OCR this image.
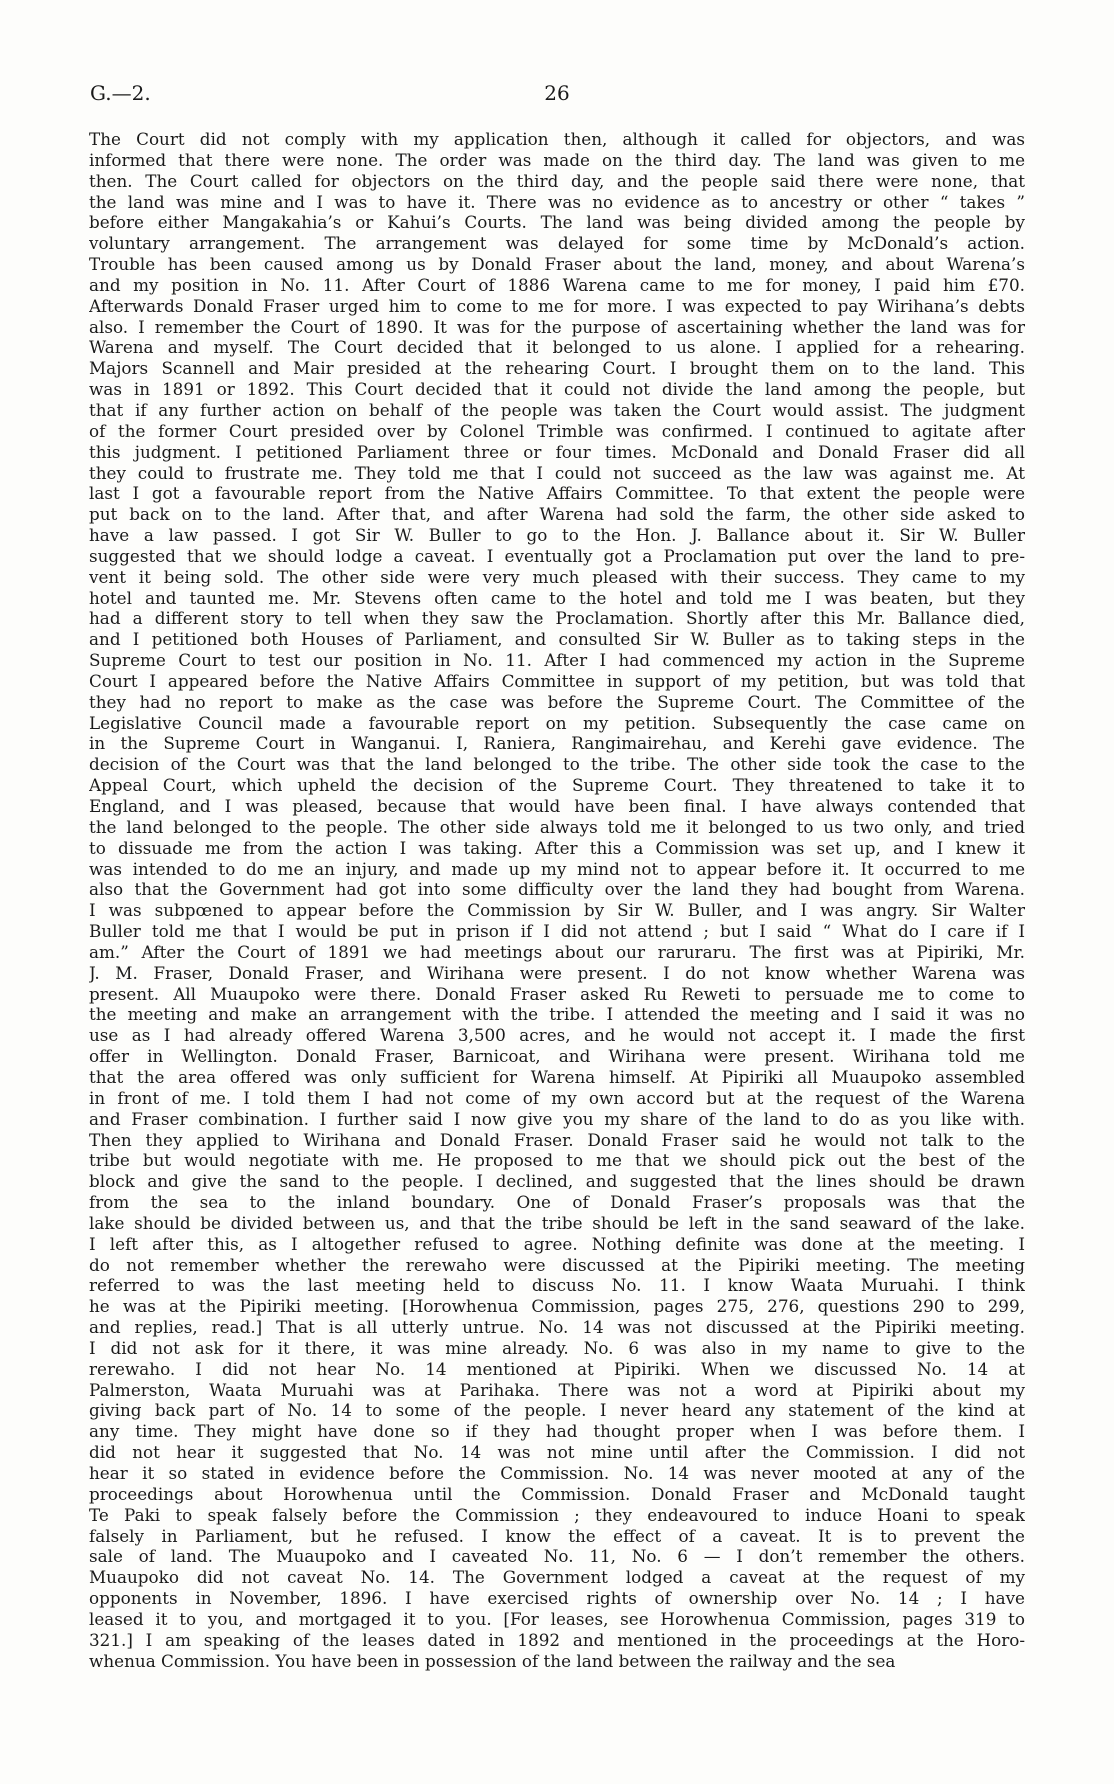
G.—2.	26
The Court did not comply with my application then, although it called for objectors, and was
informed that there were none. The order was made on the third day. The land was given to me
then. The Court called for objectors on the third day, and the people said there were none, that
the land was mine and I was to have it. There was no evidence as to ancestry or other “ takes ”
before either Mangakahia’s or Kahui’s Courts. The land was being divided among the people by
voluntary arrangement. The arrangement was delayed for some time by McDonald’s action.
Trouble has been caused among us by Donald Fraser about the land, money, and about Warena’s
and my position in No. 11. After Court of 1886 Warena came to me for money, I paid him £70.
Afterwards Donald Fraser urged him to come to me for more. I was expected to pay Wirihana’s debts
also. I remember the Court of 1890. It was for the purpose of ascertaining whether the land was for
Warena and myself. The Court decided that it belonged to us alone. I applied for a rehearing.
Majors Scannell and Mair presided at the rehearing Court. I brought them on to the land. This
was in 1891 or 1892. This Court decided that it could not divide the land among the people, but
that if any further action on behalf of the people was taken the Court would assist. The judgment
of the former Court presided over by Colonel Trimble was confirmed. I continued to agitate after
this judgment. I petitioned Parliament three or four times. McDonald and Donald Fraser did all
they could to frustrate me. They told me that I could not succeed as the law was against me. At
last I got a favourable report from the Native Affairs Committee. To that extent the people were
put back on to the land. After that, and after Warena had sold the farm, the other side asked to
have a law passed. I got Sir W. Buller to go to the Hon. J. Ballance about it. Sir W. Buller
suggested that we should lodge a caveat. I eventually got a Proclamation put over the land to pre-
vent it being sold. The other side were very much pleased with their success. They came to my
hotel and taunted me. Mr. Stevens often came to the hotel and told me I was beaten, but they
had a different story to tell when they saw the Proclamation. Shortly after this Mr. Ballance died,
and I petitioned both Houses of Parliament, and consulted Sir W. Buller as to taking steps in the
Supreme Court to test our position in No. 11. After I had commenced my action in the Supreme
Court I appeared before the Native Affairs Committee in support of my petition, but was told that
they had no report to make as the case was before the Supreme Court. The Committee of the
Legislative Council made a favourable report on my petition. Subsequently the case came on
in the Supreme Court in Wanganui. I, Raniera, Rangimairehau, and Kerehi gave evidence. The
decision of the Court was that the land belonged to the tribe. The other side took the case to the
Appeal Court, which upheld the decision of the Supreme Court. They threatened to take it to
England, and I was pleased, because that would have been final. I have always contended that
the land belonged to the people. The other side always told me it belonged to us two only, and tried
to dissuade me from the action I was taking. After this a Commission was set up, and I knew it
was intended to do me an injury, and made up my mind not to appear before it. It occurred to me
also that the Government had got into some difficulty over the land they had bought from Warena.
I was subpœned to appear before the Commission by Sir W. Buller, and I was angry. Sir Walter
Buller told me that I would be put in prison if I did not attend ; but I said “ What do I care if I
am.” After the Court of 1891 we had meetings about our raruraru. The first was at Pipiriki, Mr.
J. M. Fraser, Donald Fraser, and Wirihana were present. I do not know whether Warena was
present. All Muaupoko were there. Donald Fraser asked Ru Reweti to persuade me to come to
the meeting and make an arrangement with the tribe. I attended the meeting and I said it was no
use as I had already offered Warena 3,500 acres, and he would not accept it. I made the first
offer in Wellington. Donald Fraser, Barnicoat, and Wirihana were present. Wirihana told me
that the area offered was only sufficient for Warena himself. At Pipiriki all Muaupoko assembled
in front of me. I told them I had not come of my own accord but at the request of the Warena
and Fraser combination. I further said I now give you my share of the land to do as you like with.
Then they applied to Wirihana and Donald Fraser. Donald Fraser said he would not talk to the
tribe but would negotiate with me. He proposed to me that we should pick out the best of the
block and give the sand to the people. I declined, and suggested that the lines should be drawn
from the sea to the inland boundary. One of Donald Fraser’s proposals was that the
lake should be divided between us, and that the tribe should be left in the sand seaward of the lake.
I left after this, as I altogether refused to agree. Nothing definite was done at the meeting. I
do not remember whether the rerewaho were discussed at the Pipiriki meeting. The meeting
referred to was the last meeting held to discuss No. 11. I know Waata Muruahi. I think
he was at the Pipiriki meeting. [Horowhenua Commission, pages 275, 276, questions 290 to 299,
and replies, read.] That is all utterly untrue. No. 14 was not discussed at the Pipiriki meeting.
I did not ask for it there, it was mine already. No. 6 was also in my name to give to the
rerewaho. I did not hear No. 14 mentioned at Pipiriki. When we discussed No. 14 at
Palmerston, Waata Muruahi was at Parihaka. There was not a word at Pipiriki about my
giving back part of No. 14 to some of the people. I never heard any statement of the kind at
any time. They might have done so if they had thought proper when I was before them. I
did not hear it suggested that No. 14 was not mine until after the Commission. I did not
hear it so stated in evidence before the Commission. No. 14 was never mooted at any of the
proceedings about Horowhenua until the Commission. Donald Fraser and McDonald taught
Te Paki to speak falsely before the Commission ; they endeavoured to induce Hoani to speak
falsely in Parliament, but he refused. I know the effect of a caveat. It is to prevent the
sale of land. The Muaupoko and I caveated No. 11, No. 6 — I don’t remember the others.
Muaupoko did not caveat No. 14. The Government lodged a caveat at the request of my
opponents in November, 1896. I have exercised rights of ownership over No. 14 ; I have
leased it to you, and mortgaged it to you. [For leases, see Horowhenua Commission, pages 319 to
321.] I am speaking of the leases dated in 1892 and mentioned in the proceedings at the Horo-
whenua Commission. You have been in possession of the land between the railway and the sea
